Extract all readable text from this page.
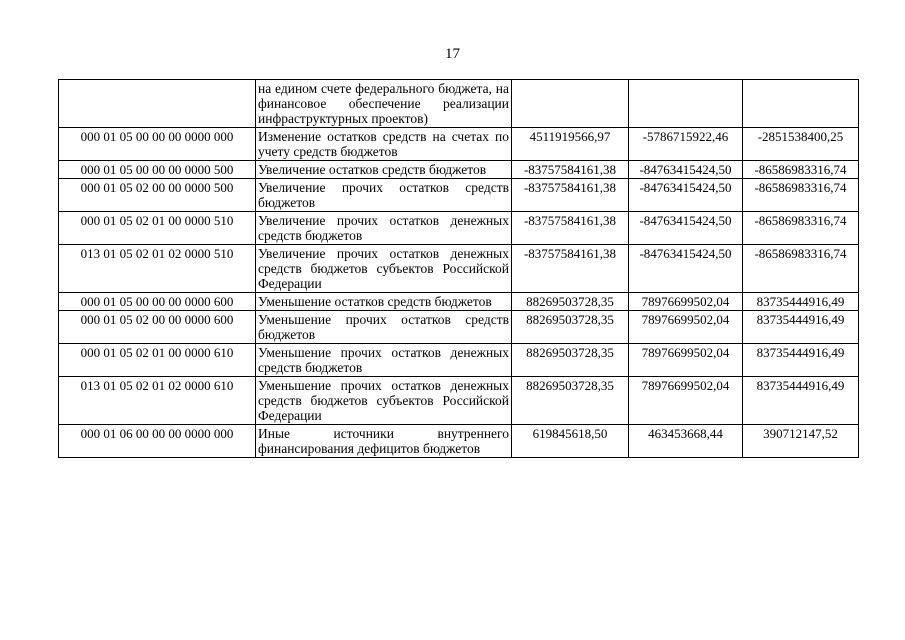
17
	на едином счете федерального бюджета, на финансовое обеспечение реализации инфраструктурных проектов)			
000 01 05 00 00 00 0000 000	Изменение остатков средств на счетах по учету средств бюджетов	4511919566,97	-5786715922,46	-2851538400,25
000 01 05 00 00 00 0000 500	Увеличение остатков средств бюджетов	-83757584161,38	-84763415424,50	-86586983316,74
000 01 05 02 00 00 0000 500	Увеличение прочих остатков средств бюджетов	-83757584161,38	-84763415424,50	-86586983316,74
000 01 05 02 01 00 0000 510	Увеличение прочих остатков денежных средств бюджетов	-83757584161,38	-84763415424,50	-86586983316,74
013 01 05 02 01 02 0000 510	Увеличение прочих остатков денежных средств бюджетов субъектов Российской Федерации	-83757584161,38	-84763415424,50	-86586983316,74
000 01 05 00 00 00 0000 600	Уменьшение остатков средств бюджетов	88269503728,35	78976699502,04	83735444916,49
000 01 05 02 00 00 0000 600	Уменьшение прочих остатков средств бюджетов	88269503728,35	78976699502,04	83735444916,49
000 01 05 02 01 00 0000 610	Уменьшение прочих остатков денежных средств бюджетов	88269503728,35	78976699502,04	83735444916,49
013 01 05 02 01 02 0000 610	Уменьшение прочих остатков денежных средств бюджетов субъектов Российской Федерации	88269503728,35	78976699502,04	83735444916,49
000 01 06 00 00 00 0000 000	Иные источники внутреннего финансирования дефицитов бюджетов	619845618,50	463453668,44	390712147,52
